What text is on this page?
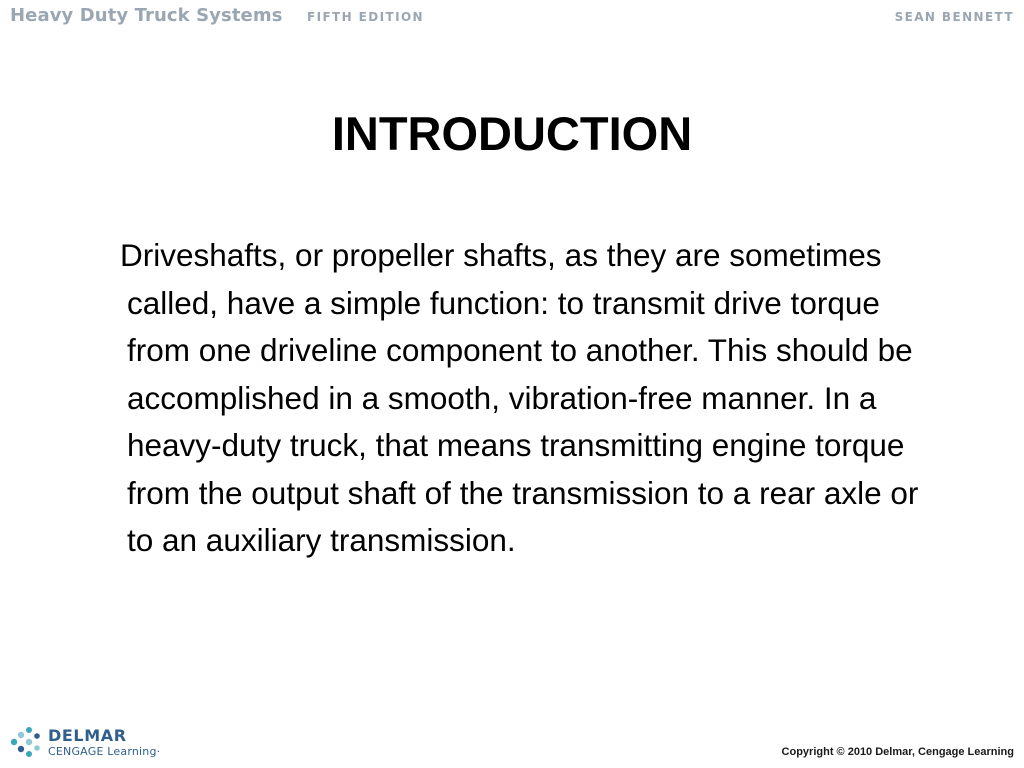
Heavy Duty Truck Systems FIFTH EDITION	SEAN BENNETT
INTRODUCTION

Driveshafts, or propeller shafts, as they are sometimes called, have a simple function: to transmit drive torque from one driveline component to another. This should be accomplished in a smooth, vibration-free manner. In a heavy-duty truck, that means transmitting engine torque from the output shaft of the transmission to a rear axle or to an auxiliary transmission.

DELMAR
CENGAGE Learning·	Copyright © 2010 Delmar, Cengage Learning
